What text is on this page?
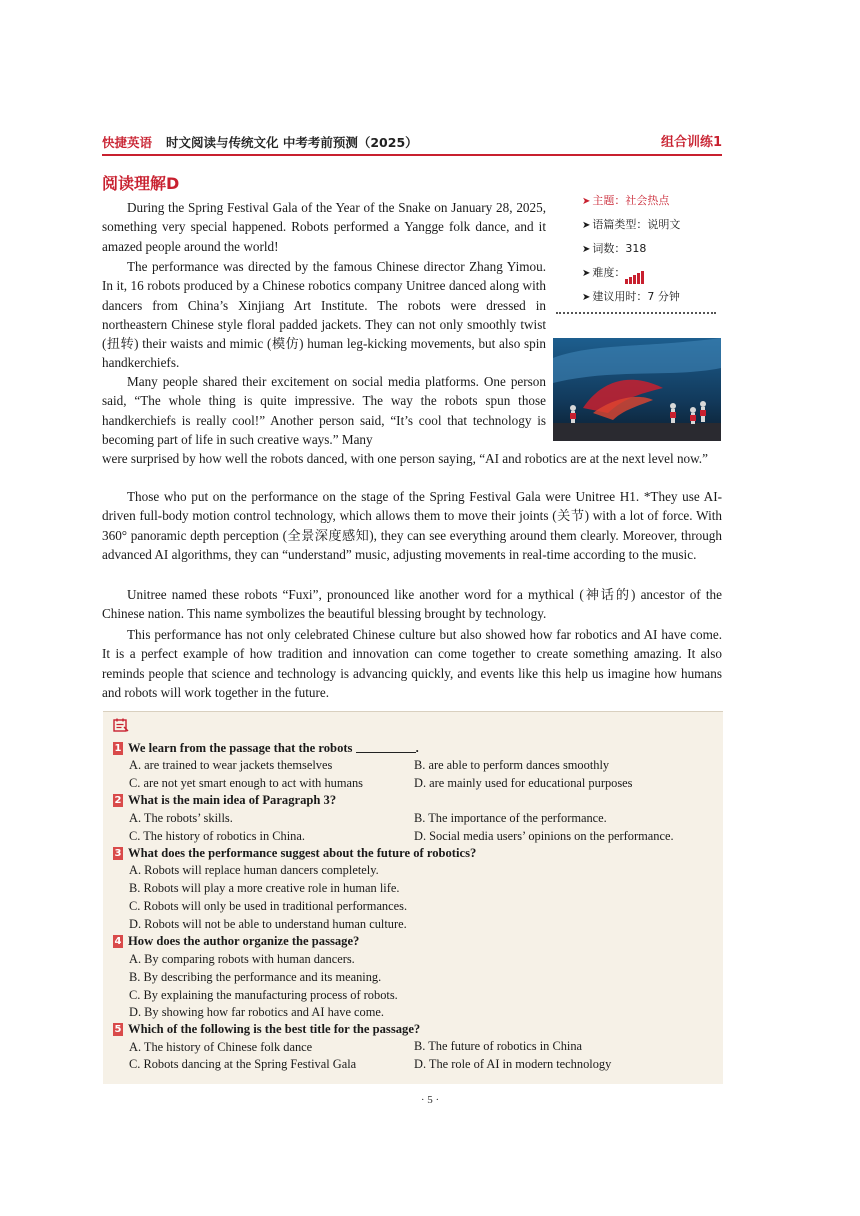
快捷英语 时文阅读与传统文化 中考考前预测（2025）	组合训练1
阅读理解D
➤ 主题：社会热点
➤ 语篇类型：说明文
➤ 词数：318
➤ 难度：
➤ 建议用时：7 分钟
During the Spring Festival Gala of the Year of the Snake on January 28, 2025, something very special happened. Robots performed a Yangge folk dance, and it amazed people around the world!
The performance was directed by the famous Chinese director Zhang Yimou. In it, 16 robots produced by a Chinese robotics company Unitree danced along with dancers from China’s Xinjiang Art Institute. The robots were dressed in northeastern Chinese style floral padded jackets. They can not only smoothly twist (扭转) their waists and mimic (模仿) human leg-kicking movements, but also spin handkerchiefs.
Many people shared their excitement on social media platforms. One person said, “The whole thing is quite impressive. The way the robots spun those handkerchiefs is really cool!” Another person said, “It’s cool that technology is becoming part of life in such creative ways.” Many
were surprised by how well the robots danced, with one person saying, “AI and robotics are at the next level now.”
Those who put on the performance on the stage of the Spring Festival Gala were Unitree H1. *They use AI-driven full-body motion control technology, which allows them to move their joints (关节) with a lot of force. With 360° panoramic depth perception (全景深度感知), they can see everything around them clearly. Moreover, through advanced AI algorithms, they can “understand” music, adjusting movements in real-time according to the music.
Unitree named these robots “Fuxi”, pronounced like another word for a mythical (神话的) ancestor of the Chinese nation. This name symbolizes the beautiful blessing brought by technology.
This performance has not only celebrated Chinese culture but also showed how far robotics and AI have come. It is a perfect example of how tradition and innovation can come together to create something amazing. It also reminds people that science and technology is advancing quickly, and events like this help us imagine how humans and robots will work together in the future.
1 We learn from the passage that the robots	.
A. are trained to wear jackets themselves	B. are able to perform dances smoothly
C. are not yet smart enough to act with humans	D. are mainly used for educational purposes
2 What is the main idea of Paragraph 3?
A. The robots’ skills.	B. The importance of the performance.
C. The history of robotics in China.	D. Social media users’ opinions on the performance.
3 What does the performance suggest about the future of robotics?
A. Robots will replace human dancers completely.
B. Robots will play a more creative role in human life.
C. Robots will only be used in traditional performances.
D. Robots will not be able to understand human culture.
4 How does the author organize the passage?
A. By comparing robots with human dancers.
B. By describing the performance and its meaning.
C. By explaining the manufacturing process of robots.
D. By showing how far robotics and AI have come.
5 Which of the following is the best title for the passage?
A. The history of Chinese folk dance	B. The future of robotics in China
C. Robots dancing at the Spring Festival Gala	D. The role of AI in modern technology
· 5 ·
